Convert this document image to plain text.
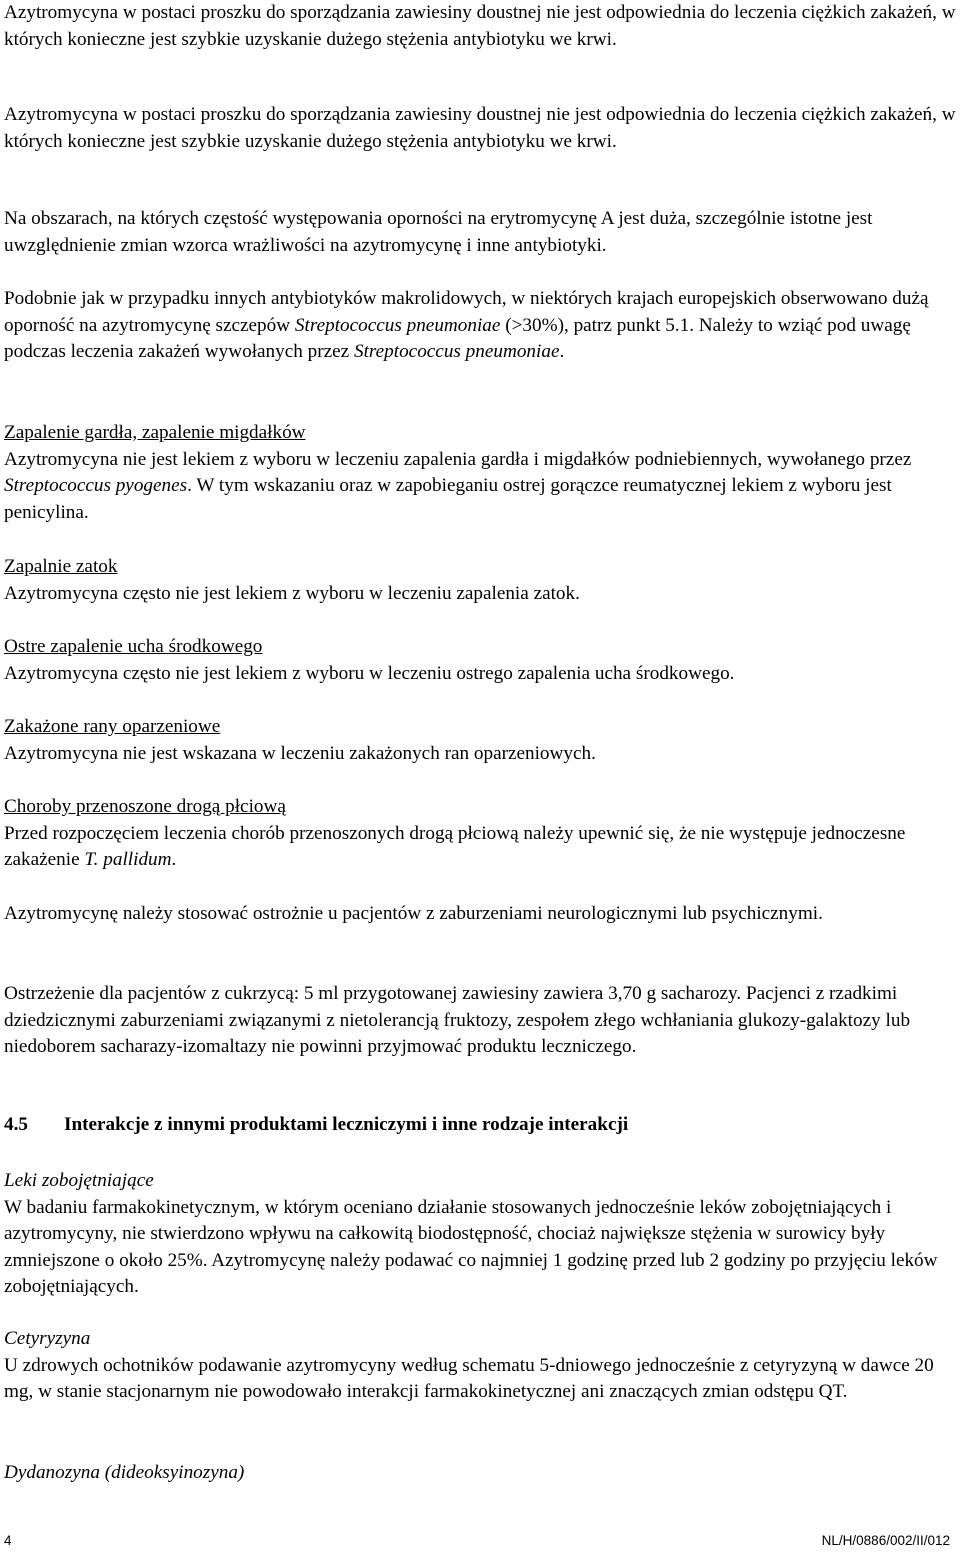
Azytromycyna w postaci proszku do sporządzania zawiesiny doustnej nie jest odpowiednia do leczenia ciężkich zakażeń, w których konieczne jest szybkie uzyskanie dużego stężenia antybiotyku we krwi.

Azytromycyna w postaci proszku do sporządzania zawiesiny doustnej nie jest odpowiednia do leczenia ciężkich zakażeń, w których konieczne jest szybkie uzyskanie dużego stężenia antybiotyku we krwi.

Na obszarach, na których częstość występowania oporności na erytromycynę A jest duża, szczególnie istotne jest uwzględnienie zmian wzorca wrażliwości na azytromycynę i inne antybiotyki.

Podobnie jak w przypadku innych antybiotyków makrolidowych, w niektórych krajach europejskich obserwowano dużą oporność na azytromycynę szczepów Streptococcus pneumoniae (>30%), patrz punkt 5.1. Należy to wziąć pod uwagę podczas leczenia zakażeń wywołanych przez Streptococcus pneumoniae.

Zapalenie gardła, zapalenie migdałków

Azytromycyna nie jest lekiem z wyboru w leczeniu zapalenia gardła i migdałków podniebiennych, wywołanego przez Streptococcus pyogenes. W tym wskazaniu oraz w zapobieganiu ostrej gorączce reumatycznej lekiem z wyboru jest penicylina.

Zapalnie zatok

Azytromycyna często nie jest lekiem z wyboru w leczeniu zapalenia zatok.

Ostre zapalenie ucha środkowego

Azytromycyna często nie jest lekiem z wyboru w leczeniu ostrego zapalenia ucha środkowego.

Zakażone rany oparzeniowe

Azytromycyna nie jest wskazana w leczeniu zakażonych ran oparzeniowych.

Choroby przenoszone drogą płciową

Przed rozpoczęciem leczenia chorób przenoszonych drogą płciową należy upewnić się, że nie występuje jednoczesne zakażenie T. pallidum.

Azytromycynę należy stosować ostrożnie u pacjentów z zaburzeniami neurologicznymi lub psychicznymi.

Ostrzeżenie dla pacjentów z cukrzycą: 5 ml przygotowanej zawiesiny zawiera 3,70 g sacharozy. Pacjenci z rzadkimi dziedzicznymi zaburzeniami związanymi z nietolerancją fruktozy, zespołem złego wchłaniania glukozy-galaktozy lub niedoborem sacharazy-izomaltazy nie powinni przyjmować produktu leczniczego.

4.5 Interakcje z innymi produktami leczniczymi i inne rodzaje interakcji

Leki zobojętniające

W badaniu farmakokinetycznym, w którym oceniano działanie stosowanych jednocześnie leków zobojętniających i azytromycyny, nie stwierdzono wpływu na całkowitą biodostępność, chociaż największe stężenia w surowicy były zmniejszone o około 25%. Azytromycynę należy podawać co najmniej 1 godzinę przed lub 2 godziny po przyjęciu leków zobojętniających.

Cetyryzyna

U zdrowych ochotników podawanie azytromycyny według schematu 5-dniowego jednocześnie z cetyryzyną w dawce 20 mg, w stanie stacjonarnym nie powodowało interakcji farmakokinetycznej ani znaczących zmian odstępu QT.

Dydanozyna (dideoksyinozyna)

4	NL/H/0886/002/II/012
